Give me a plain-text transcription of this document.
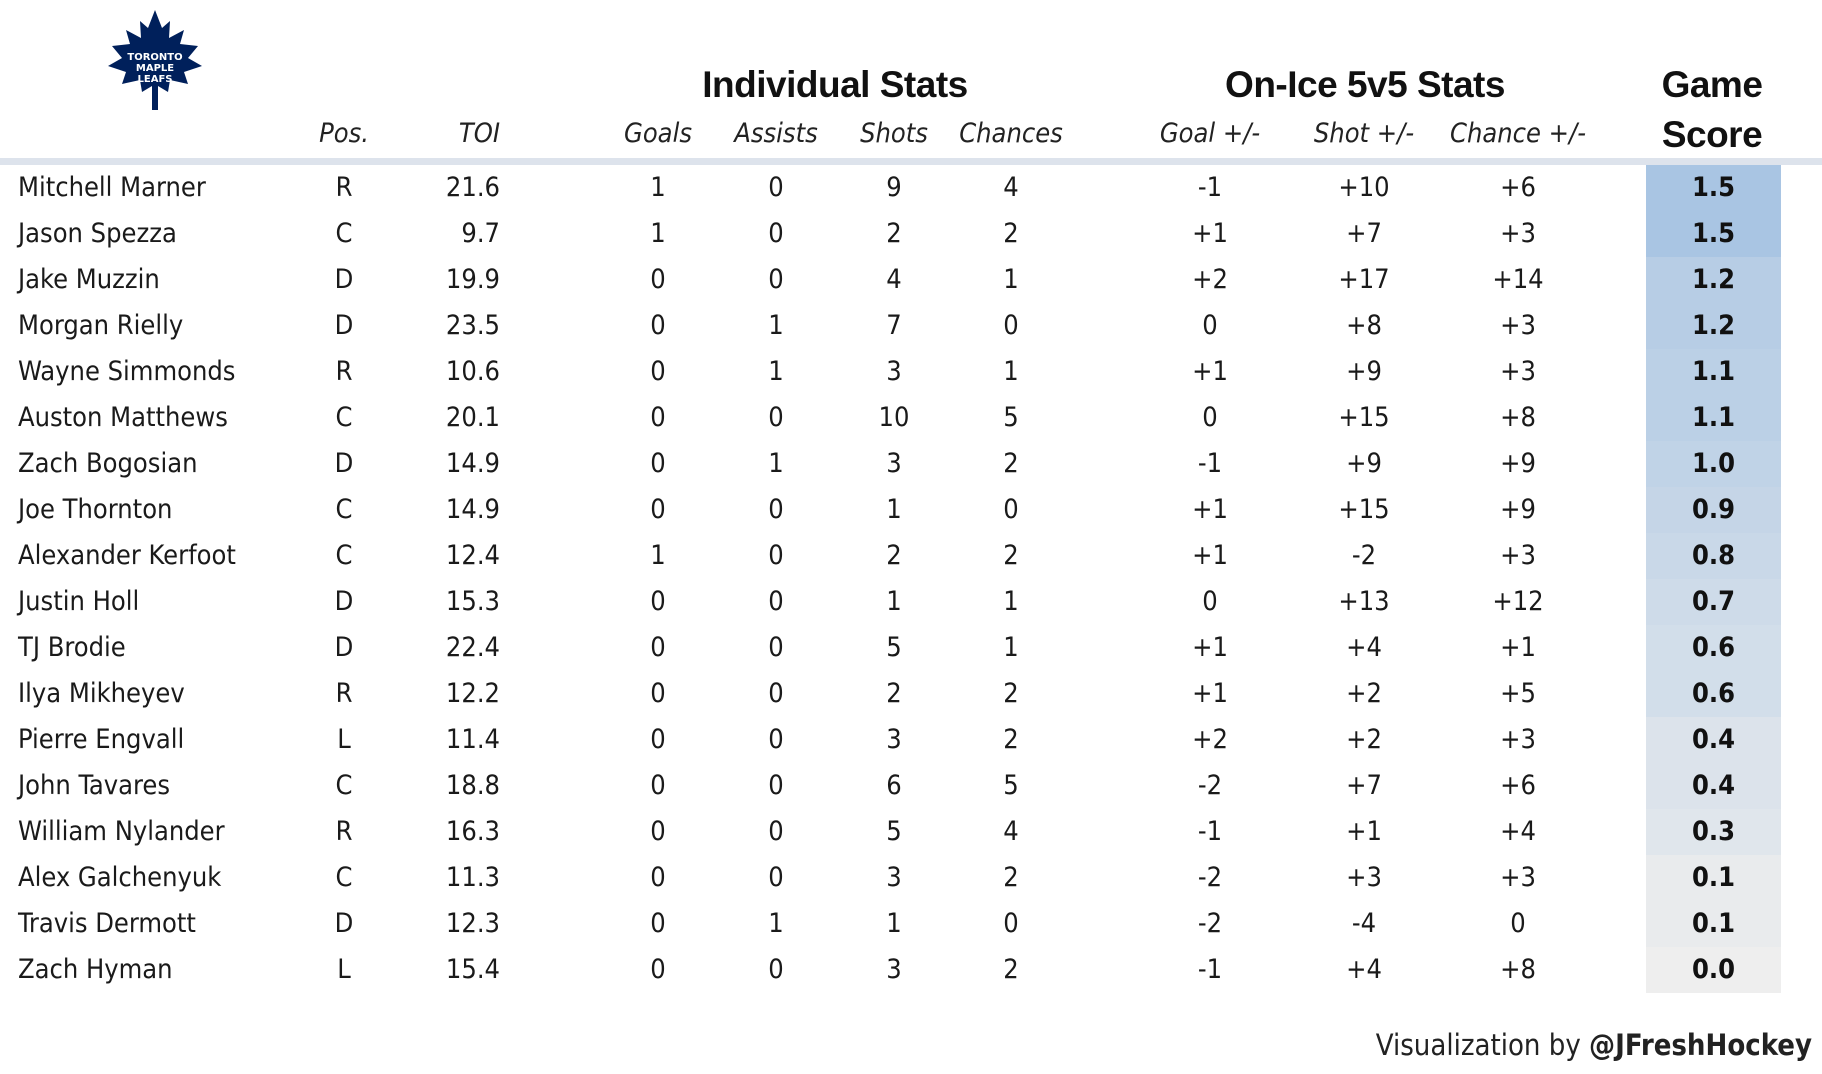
TORONTO
MAPLE
LEAFS	Individual Stats	On-Ice 5v5 Stats	Game Score
Pos.	TOI	Goals	Assists	Shots	Chances	Goal +/-	Shot +/-	Chance +/-
Mitchell Marner	R	21.6	1	0	9	4	-1	+10	+6	1.5
Jason Spezza	C	9.7	1	0	2	2	+1	+7	+3	1.5
Jake Muzzin	D	19.9	0	0	4	1	+2	+17	+14	1.2
Morgan Rielly	D	23.5	0	1	7	0	0	+8	+3	1.2
Wayne Simmonds	R	10.6	0	1	3	1	+1	+9	+3	1.1
Auston Matthews	C	20.1	0	0	10	5	0	+15	+8	1.1
Zach Bogosian	D	14.9	0	1	3	2	-1	+9	+9	1.0
Joe Thornton	C	14.9	0	0	1	0	+1	+15	+9	0.9
Alexander Kerfoot	C	12.4	1	0	2	2	+1	-2	+3	0.8
Justin Holl	D	15.3	0	0	1	1	0	+13	+12	0.7
TJ Brodie	D	22.4	0	0	5	1	+1	+4	+1	0.6
Ilya Mikheyev	R	12.2	0	0	2	2	+1	+2	+5	0.6
Pierre Engvall	L	11.4	0	0	3	2	+2	+2	+3	0.4
John Tavares	C	18.8	0	0	6	5	-2	+7	+6	0.4
William Nylander	R	16.3	0	0	5	4	-1	+1	+4	0.3
Alex Galchenyuk	C	11.3	0	0	3	2	-2	+3	+3	0.1
Travis Dermott	D	12.3	0	1	1	0	-2	-4	0	0.1
Zach Hyman	L	15.4	0	0	3	2	-1	+4	+8	0.0
Visualization by @JFreshHockey
